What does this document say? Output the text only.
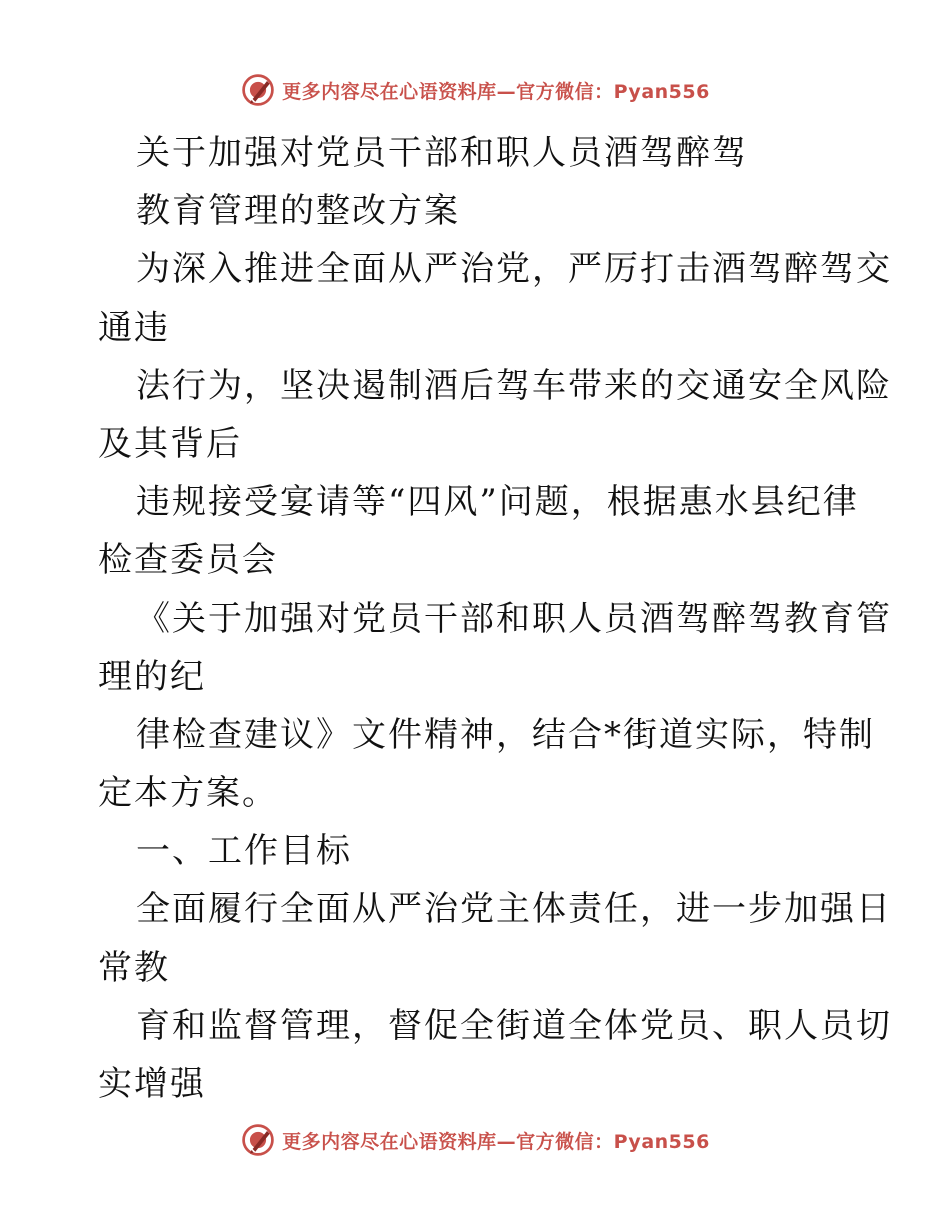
更多内容尽在心语资料库—官方微信：Pyan556

关于加强对党员干部和职人员酒驾醉驾

教育管理的整改方案

为深入推进全面从严治党，严厉打击酒驾醉驾交

通违

法行为，坚决遏制酒后驾车带来的交通安全风险

及其背后

违规接受宴请等“四风”问题，根据惠水县纪律

检查委员会

《关于加强对党员干部和职人员酒驾醉驾教育管

理的纪

律检查建议》文件精神，结合*街道实际，特制

定本方案。

一、工作目标

全面履行全面从严治党主体责任，进一步加强日

常教

育和监督管理，督促全街道全体党员、职人员切

实增强

更多内容尽在心语资料库—官方微信：Pyan556
